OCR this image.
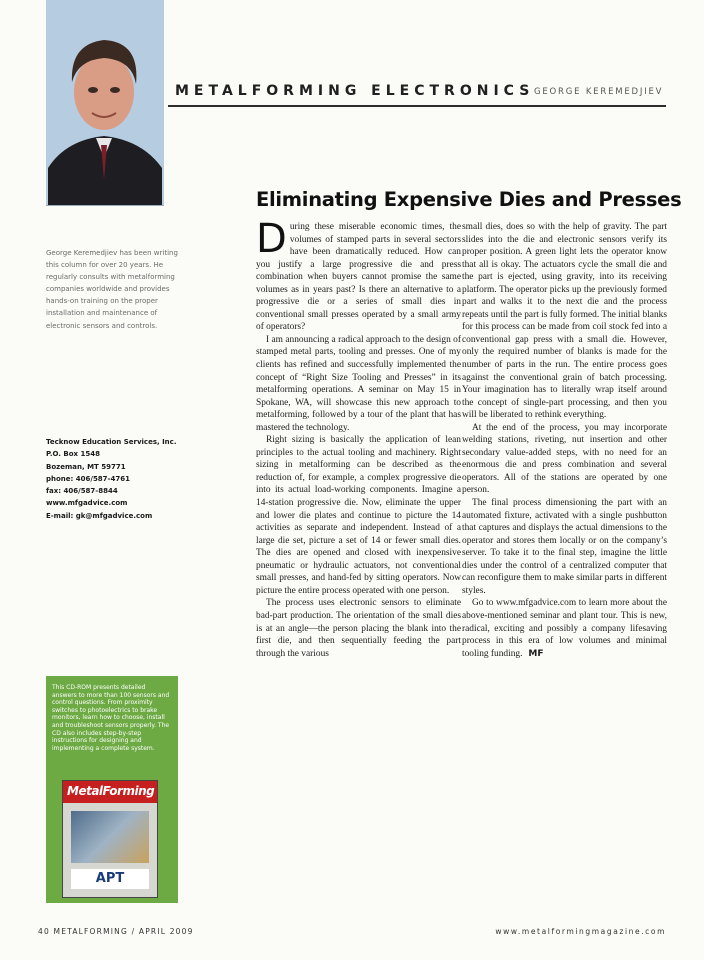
METALFORMING ELECTRONICS GEORGE KEREMEDJIEV
Eliminating Expensive Dies and Presses
George Keremedjiev has been writing this column for over 20 years. He regularly consults with metalforming companies worldwide and provides hands-on training on the proper installation and maintenance of electronic sensors and controls.
Tecknow Education Services, Inc.
P.O. Box 1548
Bozeman, MT 59771
phone: 406/587-4761
fax: 406/587-8844
www.mfgadvice.com
E-mail: gk@mfgadvice.com
This CD-ROM presents detailed answers to more than 100 sensors and control questions. From proximity switches to photoelectrics to brake monitors, learn how to choose, install and troubleshoot sensors properly. The CD also includes step-by-step instructions for designing and implementing a complete system.
MetalForming
APT

During these miserable economic times, the volumes of stamped parts in several sectors have been dramatically reduced. How can you justify a large progressive die and press combination when buyers cannot promise the same volumes as in years past? Is there an alternative to a progressive die or a series of small dies in conventional small presses operated by a small army of operators?

I am announcing a radical approach to the design of stamped metal parts, tooling and presses. One of my clients has refined and successfully implemented the concept of “Right Size Tooling and Presses” in its metalforming operations. A seminar on May 15 in Spokane, WA, will showcase this new approach to metalforming, followed by a tour of the plant that has mastered the technology.

Right sizing is basically the application of lean principles to the actual tooling and machinery. Right sizing in metalforming can be described as the reduction of, for example, a complex progressive die into its actual load-working components. Imagine a 14-station progressive die. Now, eliminate the upper and lower die plates and continue to picture the 14 activities as separate and independent. Instead of a large die set, picture a set of 14 or fewer small dies. The dies are opened and closed with inexpensive pneumatic or hydraulic actuators, not conventional small presses, and hand-fed by sitting operators. Now picture the entire process operated with one person.

The process uses electronic sensors to eliminate bad-part production. The orientation of the small dies is at an angle—the person placing the blank into the first die, and then sequentially feeding the part through the various

small dies, does so with the help of gravity. The part slides into the die and electronic sensors verify its proper position. A green light lets the operator know that all is okay. The actuators cycle the small die and the part is ejected, using gravity, into its receiving platform. The operator picks up the previously formed part and walks it to the next die and the process repeats until the part is fully formed. The initial blanks for this process can be made from coil stock fed into a conventional gap press with a small die. However, only the required number of blanks is made for the number of parts in the run. The entire process goes against the conventional grain of batch processing. Your imagination has to literally wrap itself around the concept of single-part processing, and then you will be liberated to rethink everything.

At the end of the process, you may incorporate welding stations, riveting, nut insertion and other secondary value-added steps, with no need for an enormous die and press combination and several operators. All of the stations are operated by one person.

The final process dimensioning the part with an automated fixture, activated with a single pushbutton that captures and displays the actual dimensions to the operator and stores them locally or on the company’s server. To take it to the final step, imagine the little dies under the control of a centralized computer that can reconfigure them to make similar parts in different styles.

Go to www.mfgadvice.com to learn more about the above-mentioned seminar and plant tour. This is new, radical, exciting and possibly a company lifesaving process in this era of low volumes and minimal tooling funding. MF

40 METALFORMING / APRIL 2009	www.metalformingmagazine.com
